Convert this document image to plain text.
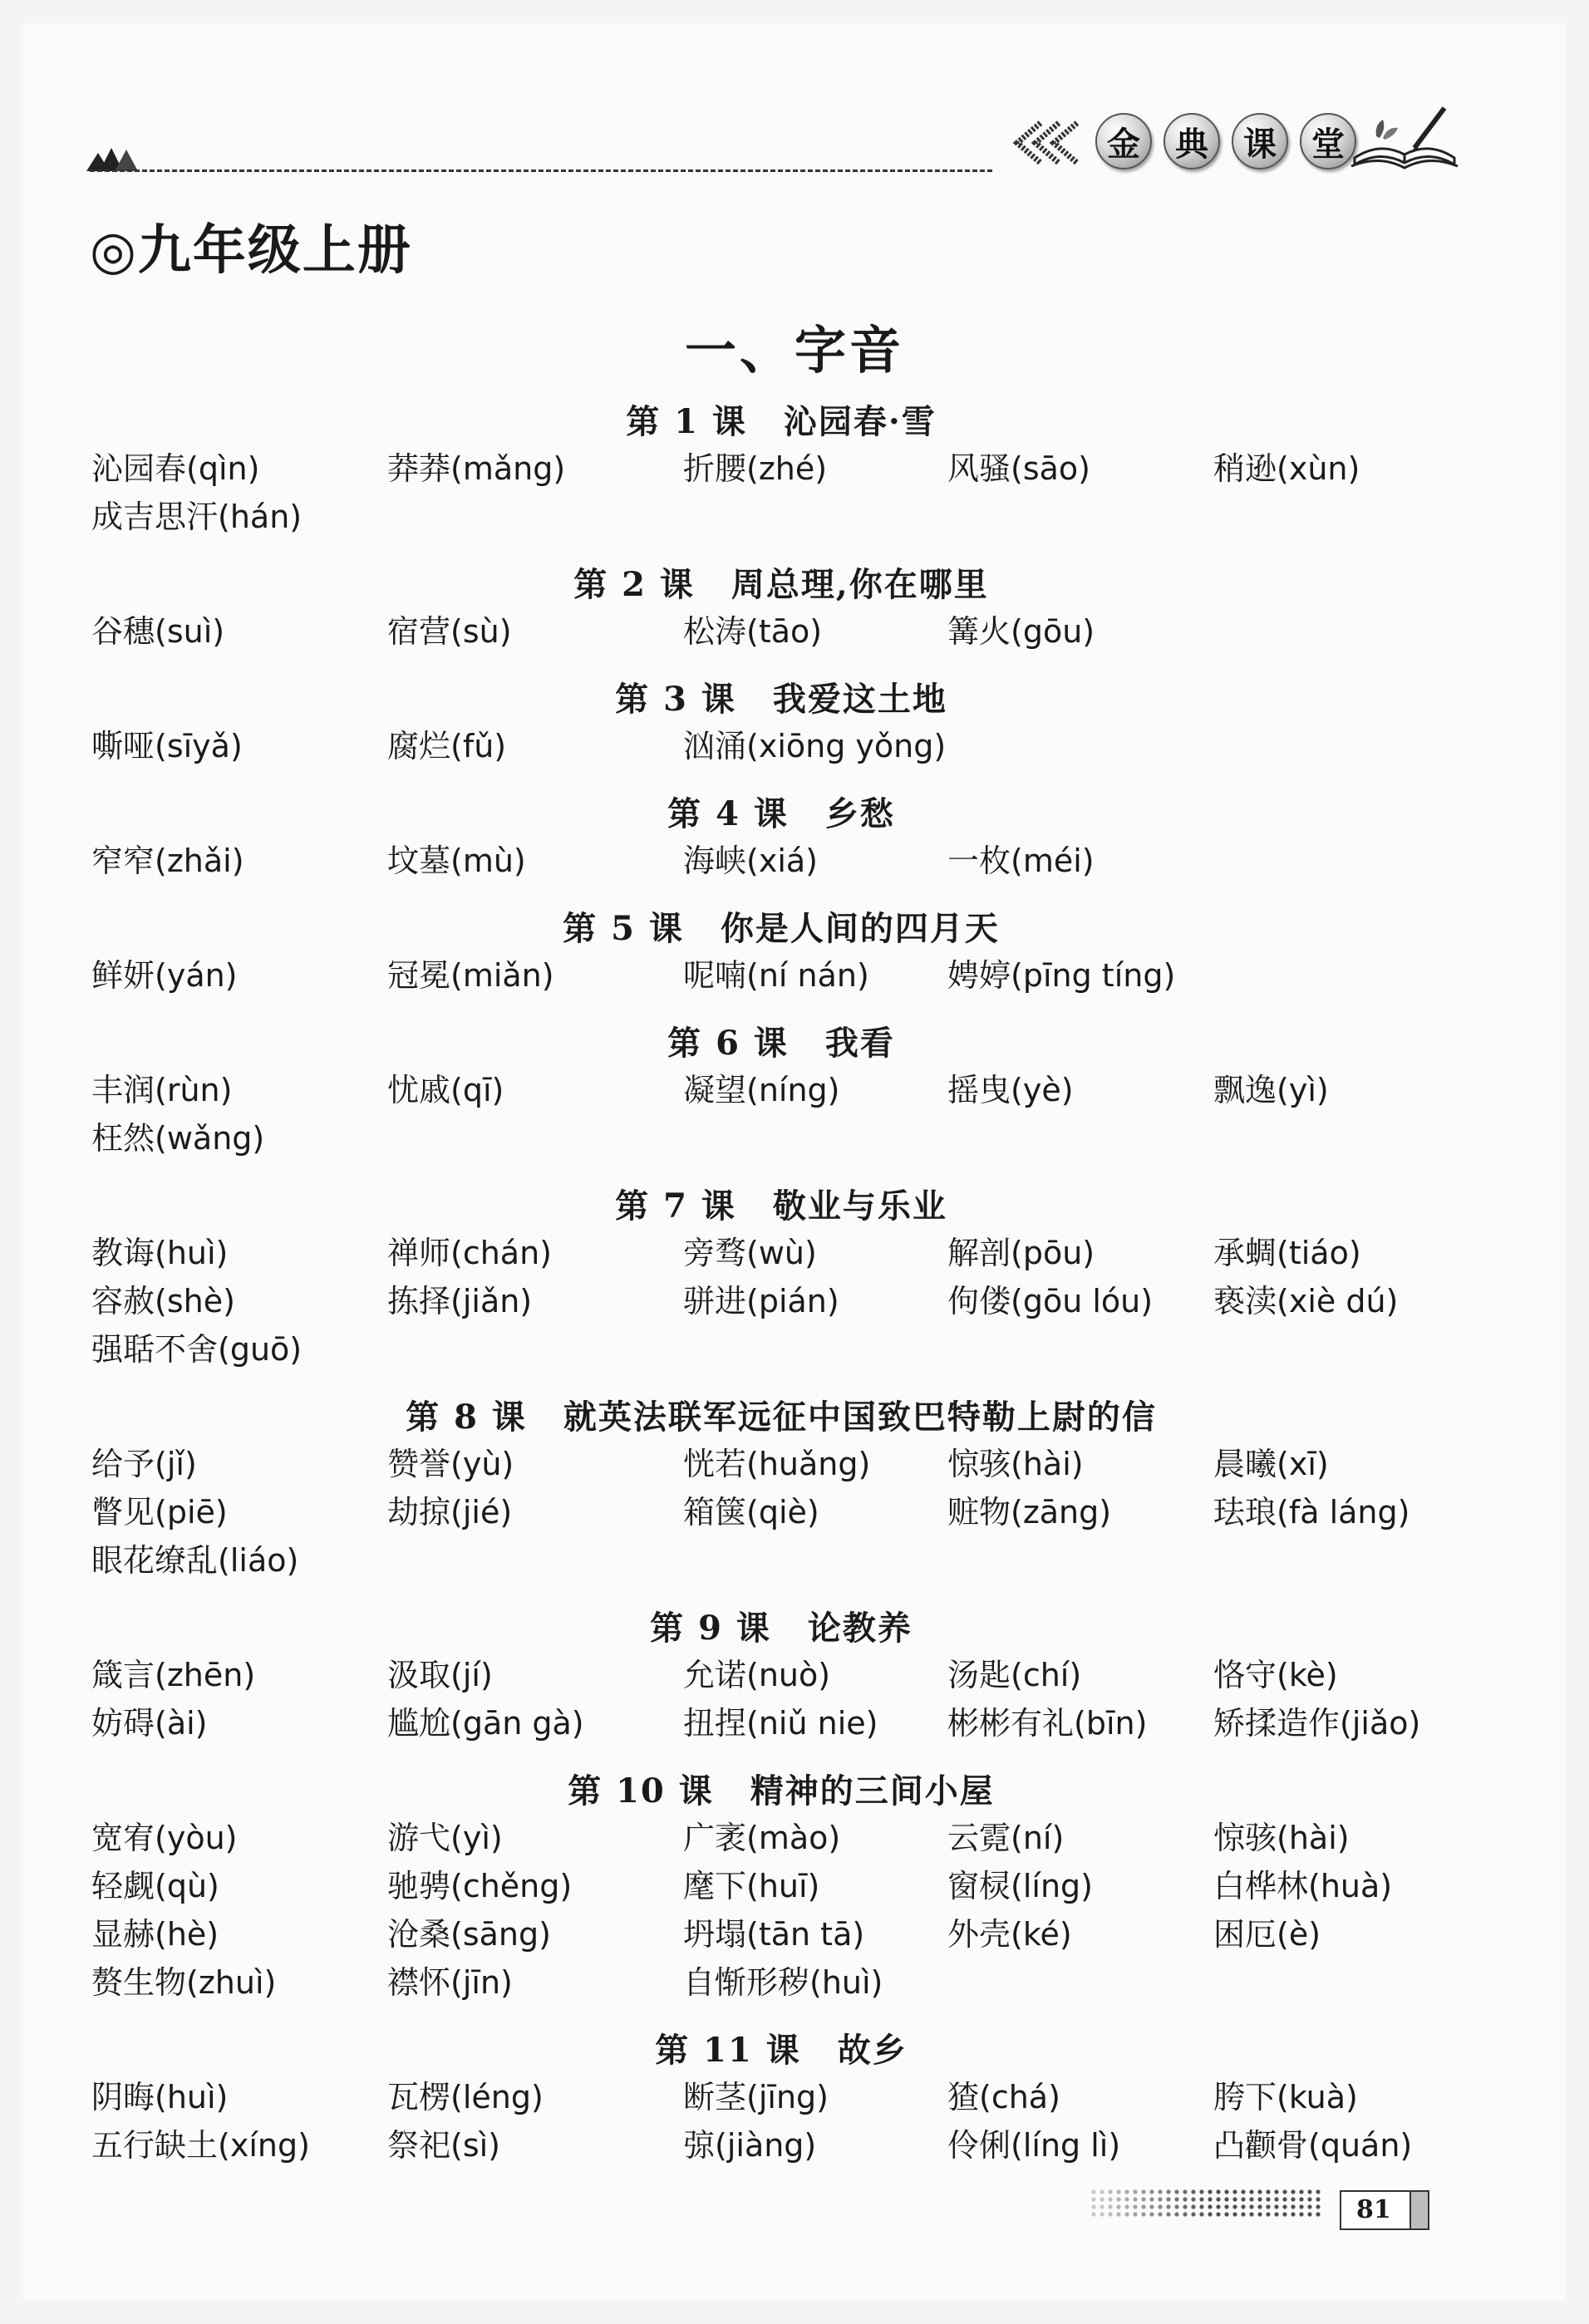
金	典	课	堂
◎九年级上册
一、字音
第 1 课 沁园春·雪
沁园春(qìn)	莽莽(mǎng)	折腰(zhé)	风骚(sāo)	稍逊(xùn)
成吉思汗(hán)
第 2 课 周总理,你在哪里
谷穗(suì)	宿营(sù)	松涛(tāo)	篝火(gōu)
第 3 课 我爱这土地
嘶哑(sīyǎ)	腐烂(fǔ)	汹涌(xiōng yǒng)
第 4 课 乡愁
窄窄(zhǎi)	坟墓(mù)	海峡(xiá)	一枚(méi)
第 5 课 你是人间的四月天
鲜妍(yán)	冠冕(miǎn)	呢喃(ní nán)	娉婷(pīng tíng)
第 6 课 我看
丰润(rùn)	忧戚(qī)	凝望(níng)	摇曳(yè)	飘逸(yì)
枉然(wǎng)
第 7 课 敬业与乐业
教诲(huì)	禅师(chán)	旁骛(wù)	解剖(pōu)	承蜩(tiáo)
容赦(shè)	拣择(jiǎn)	骈进(pián)	佝偻(gōu lóu)	亵渎(xiè dú)
强聒不舍(guō)
第 8 课 就英法联军远征中国致巴特勒上尉的信
给予(jǐ)	赞誉(yù)	恍若(huǎng)	惊骇(hài)	晨曦(xī)
瞥见(piē)	劫掠(jié)	箱箧(qiè)	赃物(zāng)	珐琅(fà láng)
眼花缭乱(liáo)
第 9 课 论教养
箴言(zhēn)	汲取(jí)	允诺(nuò)	汤匙(chí)	恪守(kè)
妨碍(ài)	尴尬(gān gà)	扭捏(niǔ nie)	彬彬有礼(bīn)	矫揉造作(jiǎo)
第 10 课 精神的三间小屋
宽宥(yòu)	游弋(yì)	广袤(mào)	云霓(ní)	惊骇(hài)
轻觑(qù)	驰骋(chěng)	麾下(huī)	窗棂(líng)	白桦林(huà)
显赫(hè)	沧桑(sāng)	坍塌(tān tā)	外壳(ké)	困厄(è)
赘生物(zhuì)	襟怀(jīn)	自惭形秽(huì)
第 11 课 故乡
阴晦(huì)	瓦楞(léng)	断茎(jīng)	猹(chá)	胯下(kuà)
五行缺土(xíng)	祭祀(sì)	弶(jiàng)	伶俐(líng lì)	凸颧骨(quán)
81
